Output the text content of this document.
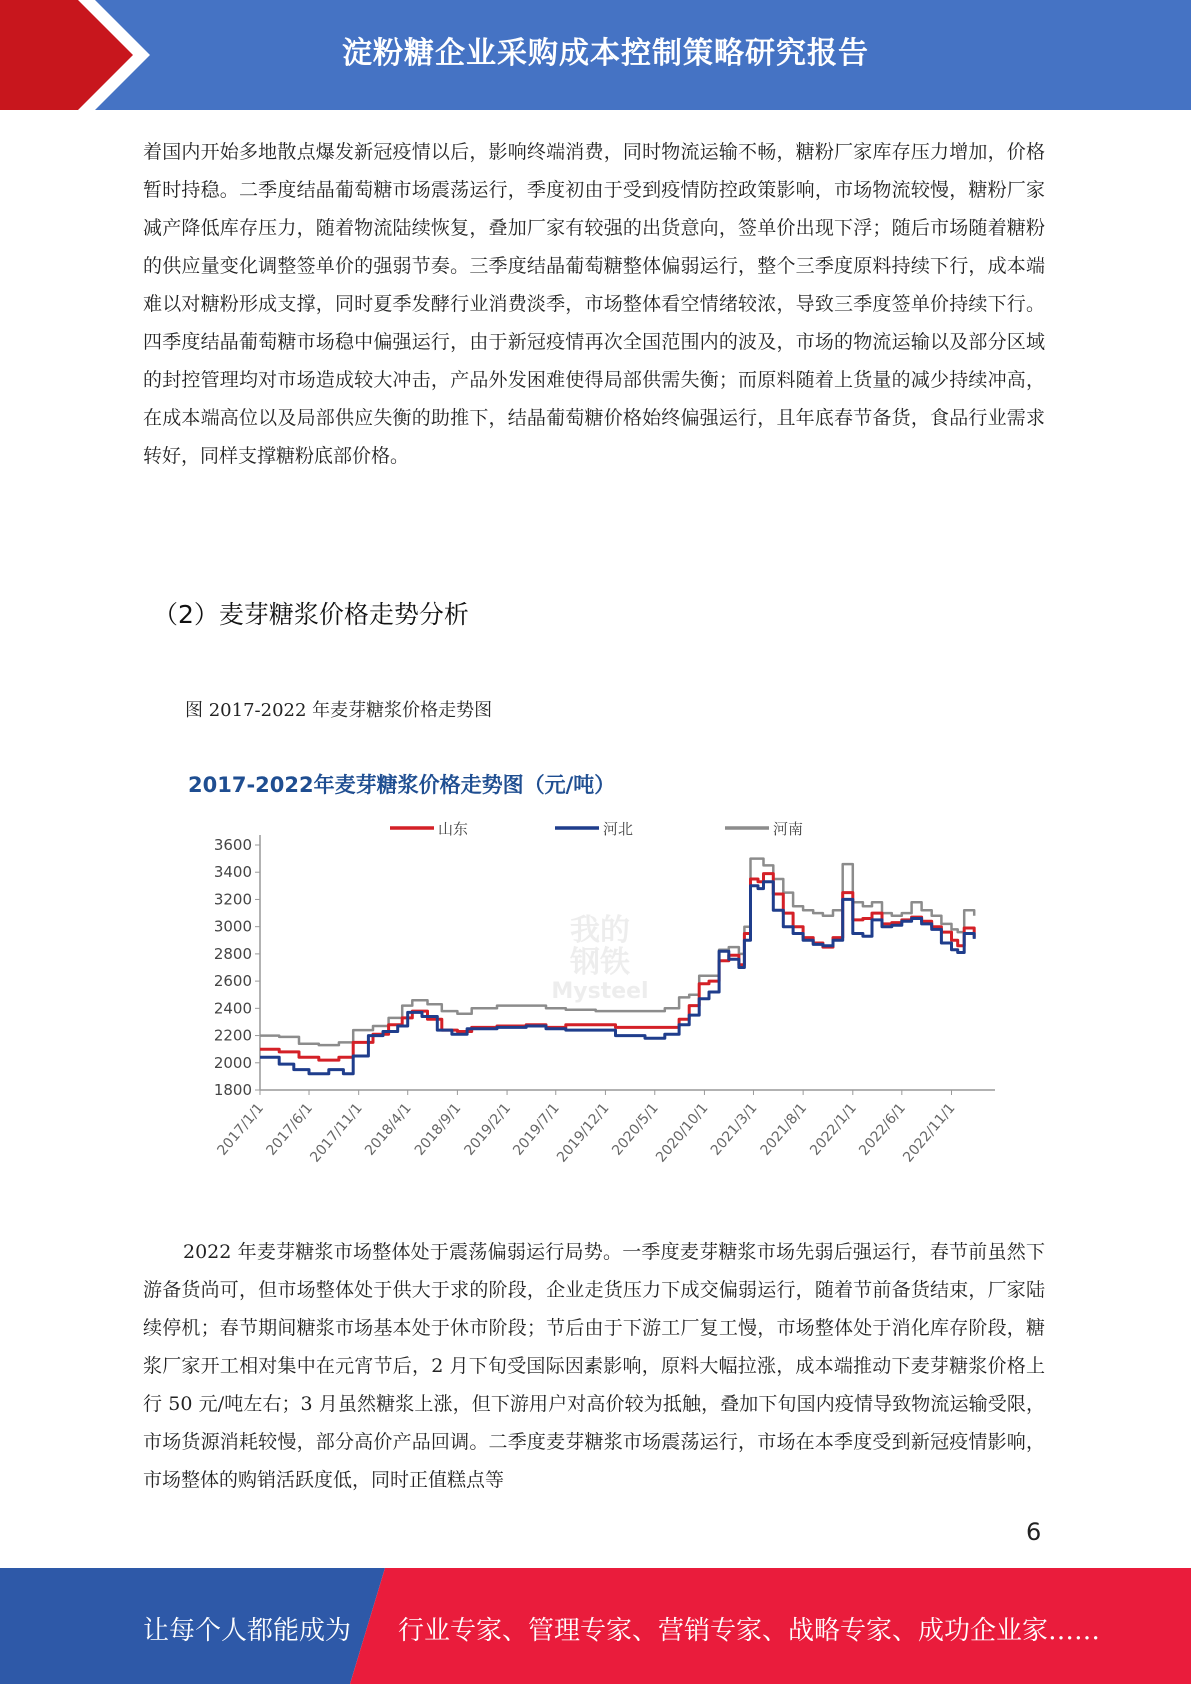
淀粉糖企业采购成本控制策略研究报告

着国内开始多地散点爆发新冠疫情以后，影响终端消费，同时物流运输不畅，糖粉厂家库存压力增加，价格暂时持稳。二季度结晶葡萄糖市场震荡运行，季度初由于受到疫情防控政策影响，市场物流较慢，糖粉厂家减产降低库存压力，随着物流陆续恢复，叠加厂家有较强的出货意向，签单价出现下浮；随后市场随着糖粉的供应量变化调整签单价的强弱节奏。三季度结晶葡萄糖整体偏弱运行，整个三季度原料持续下行，成本端难以对糖粉形成支撑，同时夏季发酵行业消费淡季，市场整体看空情绪较浓，导致三季度签单价持续下行。四季度结晶葡萄糖市场稳中偏强运行，由于新冠疫情再次全国范围内的波及，市场的物流运输以及部分区域的封控管理均对市场造成较大冲击，产品外发困难使得局部供需失衡；而原料随着上货量的减少持续冲高，在成本端高位以及局部供应失衡的助推下，结晶葡萄糖价格始终偏强运行，且年底春节备货，食品行业需求转好，同样支撑糖粉底部价格。

（2）麦芽糖浆价格走势分析

图 2017-2022 年麦芽糖浆价格走势图

2017-2022年麦芽糖浆价格走势图（元/吨）
山东	河北	河南
我的
钢铁
Mysteel
1800
2000
2200
2400
2600
2800
3000
3200
3400
3600
2017/1/1
2017/6/1
2017/11/1
2018/4/1
2018/9/1
2019/2/1
2019/7/1
2019/12/1
2020/5/1
2020/10/1
2021/3/1
2021/8/1
2022/1/1
2022/6/1
2022/11/1

2022 年麦芽糖浆市场整体处于震荡偏弱运行局势。一季度麦芽糖浆市场先弱后强运行，春节前虽然下游备货尚可，但市场整体处于供大于求的阶段，企业走货压力下成交偏弱运行，随着节前备货结束，厂家陆续停机；春节期间糖浆市场基本处于休市阶段；节后由于下游工厂复工慢，市场整体处于消化库存阶段，糖浆厂家开工相对集中在元宵节后，2 月下旬受国际因素影响，原料大幅拉涨，成本端推动下麦芽糖浆价格上行 50 元/吨左右；3 月虽然糖浆上涨，但下游用户对高价较为抵触，叠加下旬国内疫情导致物流运输受限，市场货源消耗较慢，部分高价产品回调。二季度麦芽糖浆市场震荡运行，市场在本季度受到新冠疫情影响，市场整体的购销活跃度低，同时正值糕点等

6
让每个人都能成为 行业专家、管理专家、营销专家、战略专家、成功企业家……
